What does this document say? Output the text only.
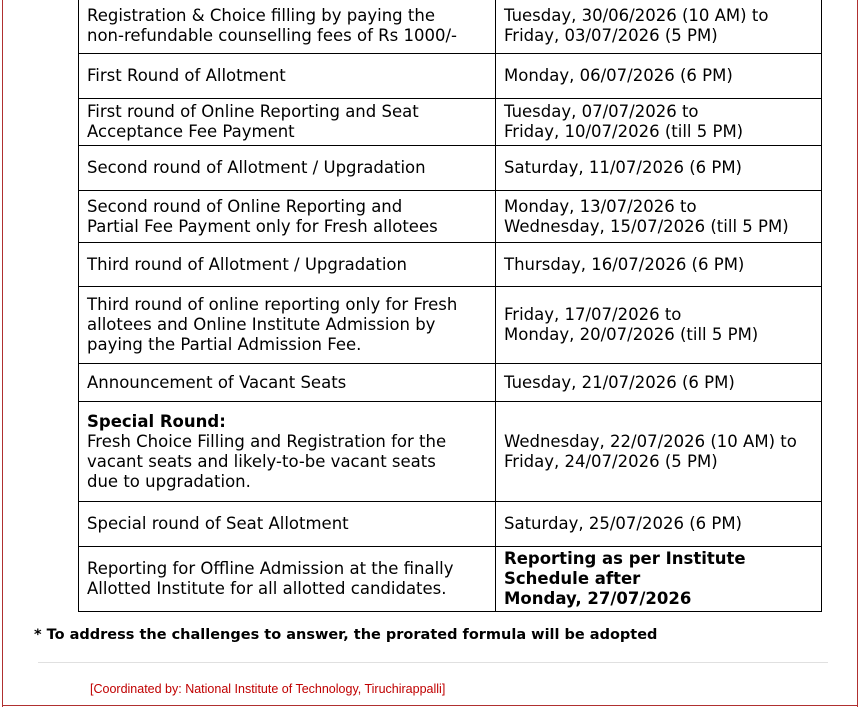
Registration & Choice filling by paying the
non-refundable counselling fees of Rs 1000/-	Tuesday, 30/06/2026 (10 AM) to
Friday, 03/07/2026 (5 PM)

First Round of Allotment	Monday, 06/07/2026 (6 PM)

First round of Online Reporting and Seat
Acceptance Fee Payment	Tuesday, 07/07/2026 to
Friday, 10/07/2026 (till 5 PM)

Second round of Allotment / Upgradation	Saturday, 11/07/2026 (6 PM)

Second round of Online Reporting and
Partial Fee Payment only for Fresh allotees	Monday, 13/07/2026 to
Wednesday, 15/07/2026 (till 5 PM)

Third round of Allotment / Upgradation	Thursday, 16/07/2026 (6 PM)

Third round of online reporting only for Fresh
allotees and Online Institute Admission by
paying the Partial Admission Fee.	Friday, 17/07/2026 to
Monday, 20/07/2026 (till 5 PM)

Announcement of Vacant Seats	Tuesday, 21/07/2026 (6 PM)

Special Round:
Fresh Choice Filling and Registration for the
vacant seats and likely-to-be vacant seats
due to upgradation.	Wednesday, 22/07/2026 (10 AM) to
Friday, 24/07/2026 (5 PM)

Special round of Seat Allotment	Saturday, 25/07/2026 (6 PM)

Reporting for Offline Admission at the finally
Allotted Institute for all allotted candidates.	Reporting as per Institute
Schedule after
Monday, 27/07/2026
* To address the challenges to answer, the prorated formula will be adopted
[Coordinated by: National Institute of Technology, Tiruchirappalli]
